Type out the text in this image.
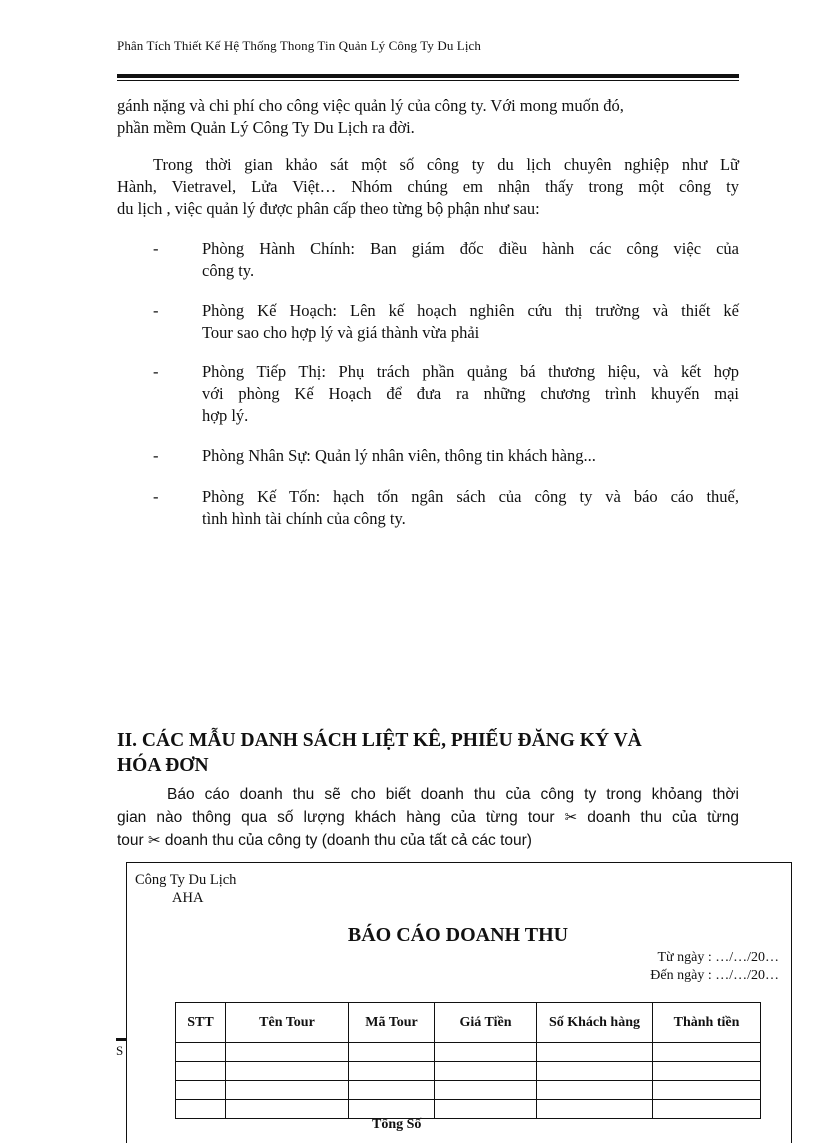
Phân Tích Thiết Kế Hệ Thống Thong Tin Quản Lý Công Ty Du Lịch
gánh nặng và chi phí cho công việc quản lý của công ty. Với mong muốn đó,
phần mềm Quản Lý Công Ty Du Lịch ra đời.
Trong thời gian khảo sát một số công ty du lịch chuyên nghiệp như Lữ
Hành, Vietravel, Lửa Việt… Nhóm chúng em nhận thấy trong một công ty
du lịch , việc quản lý được phân cấp theo từng bộ phận như sau:
-	Phòng Hành Chính: Ban giám đốc điều hành các công việc của
công ty.
-	Phòng Kế Hoạch: Lên kế hoạch nghiên cứu thị trường và thiết kế
Tour sao cho hợp lý và giá thành vừa phải
-	Phòng Tiếp Thị: Phụ trách phần quảng bá thương hiệu, và kết hợp
với phòng Kế Hoạch để đưa ra những chương trình khuyến mại
hợp lý.
-	Phòng Nhân Sự: Quản lý nhân viên, thông tin khách hàng...
-	Phòng Kế Tốn: hạch tốn ngân sách của công ty và báo cáo thuế,
tình hình tài chính của công ty.
II. CÁC MẪU DANH SÁCH LIỆT KÊ, PHIẾU ĐĂNG KÝ VÀ
HÓA ĐƠN
Báo cáo doanh thu sẽ cho biết doanh thu của công ty trong khỏang thời
gian nào thông qua số lượng khách hàng của từng tour ✂ doanh thu của từng
tour ✂ doanh thu của công ty (doanh thu của tất cả các tour)
Công Ty Du Lịch
AHA
BÁO CÁO DOANH THU
Từ ngày : …/…/20…
Đến ngày : …/…/20…
STT	Tên Tour	Mã Tour	Giá Tiền	Số Khách hàng	Thành tiền

Tổng Số
S
